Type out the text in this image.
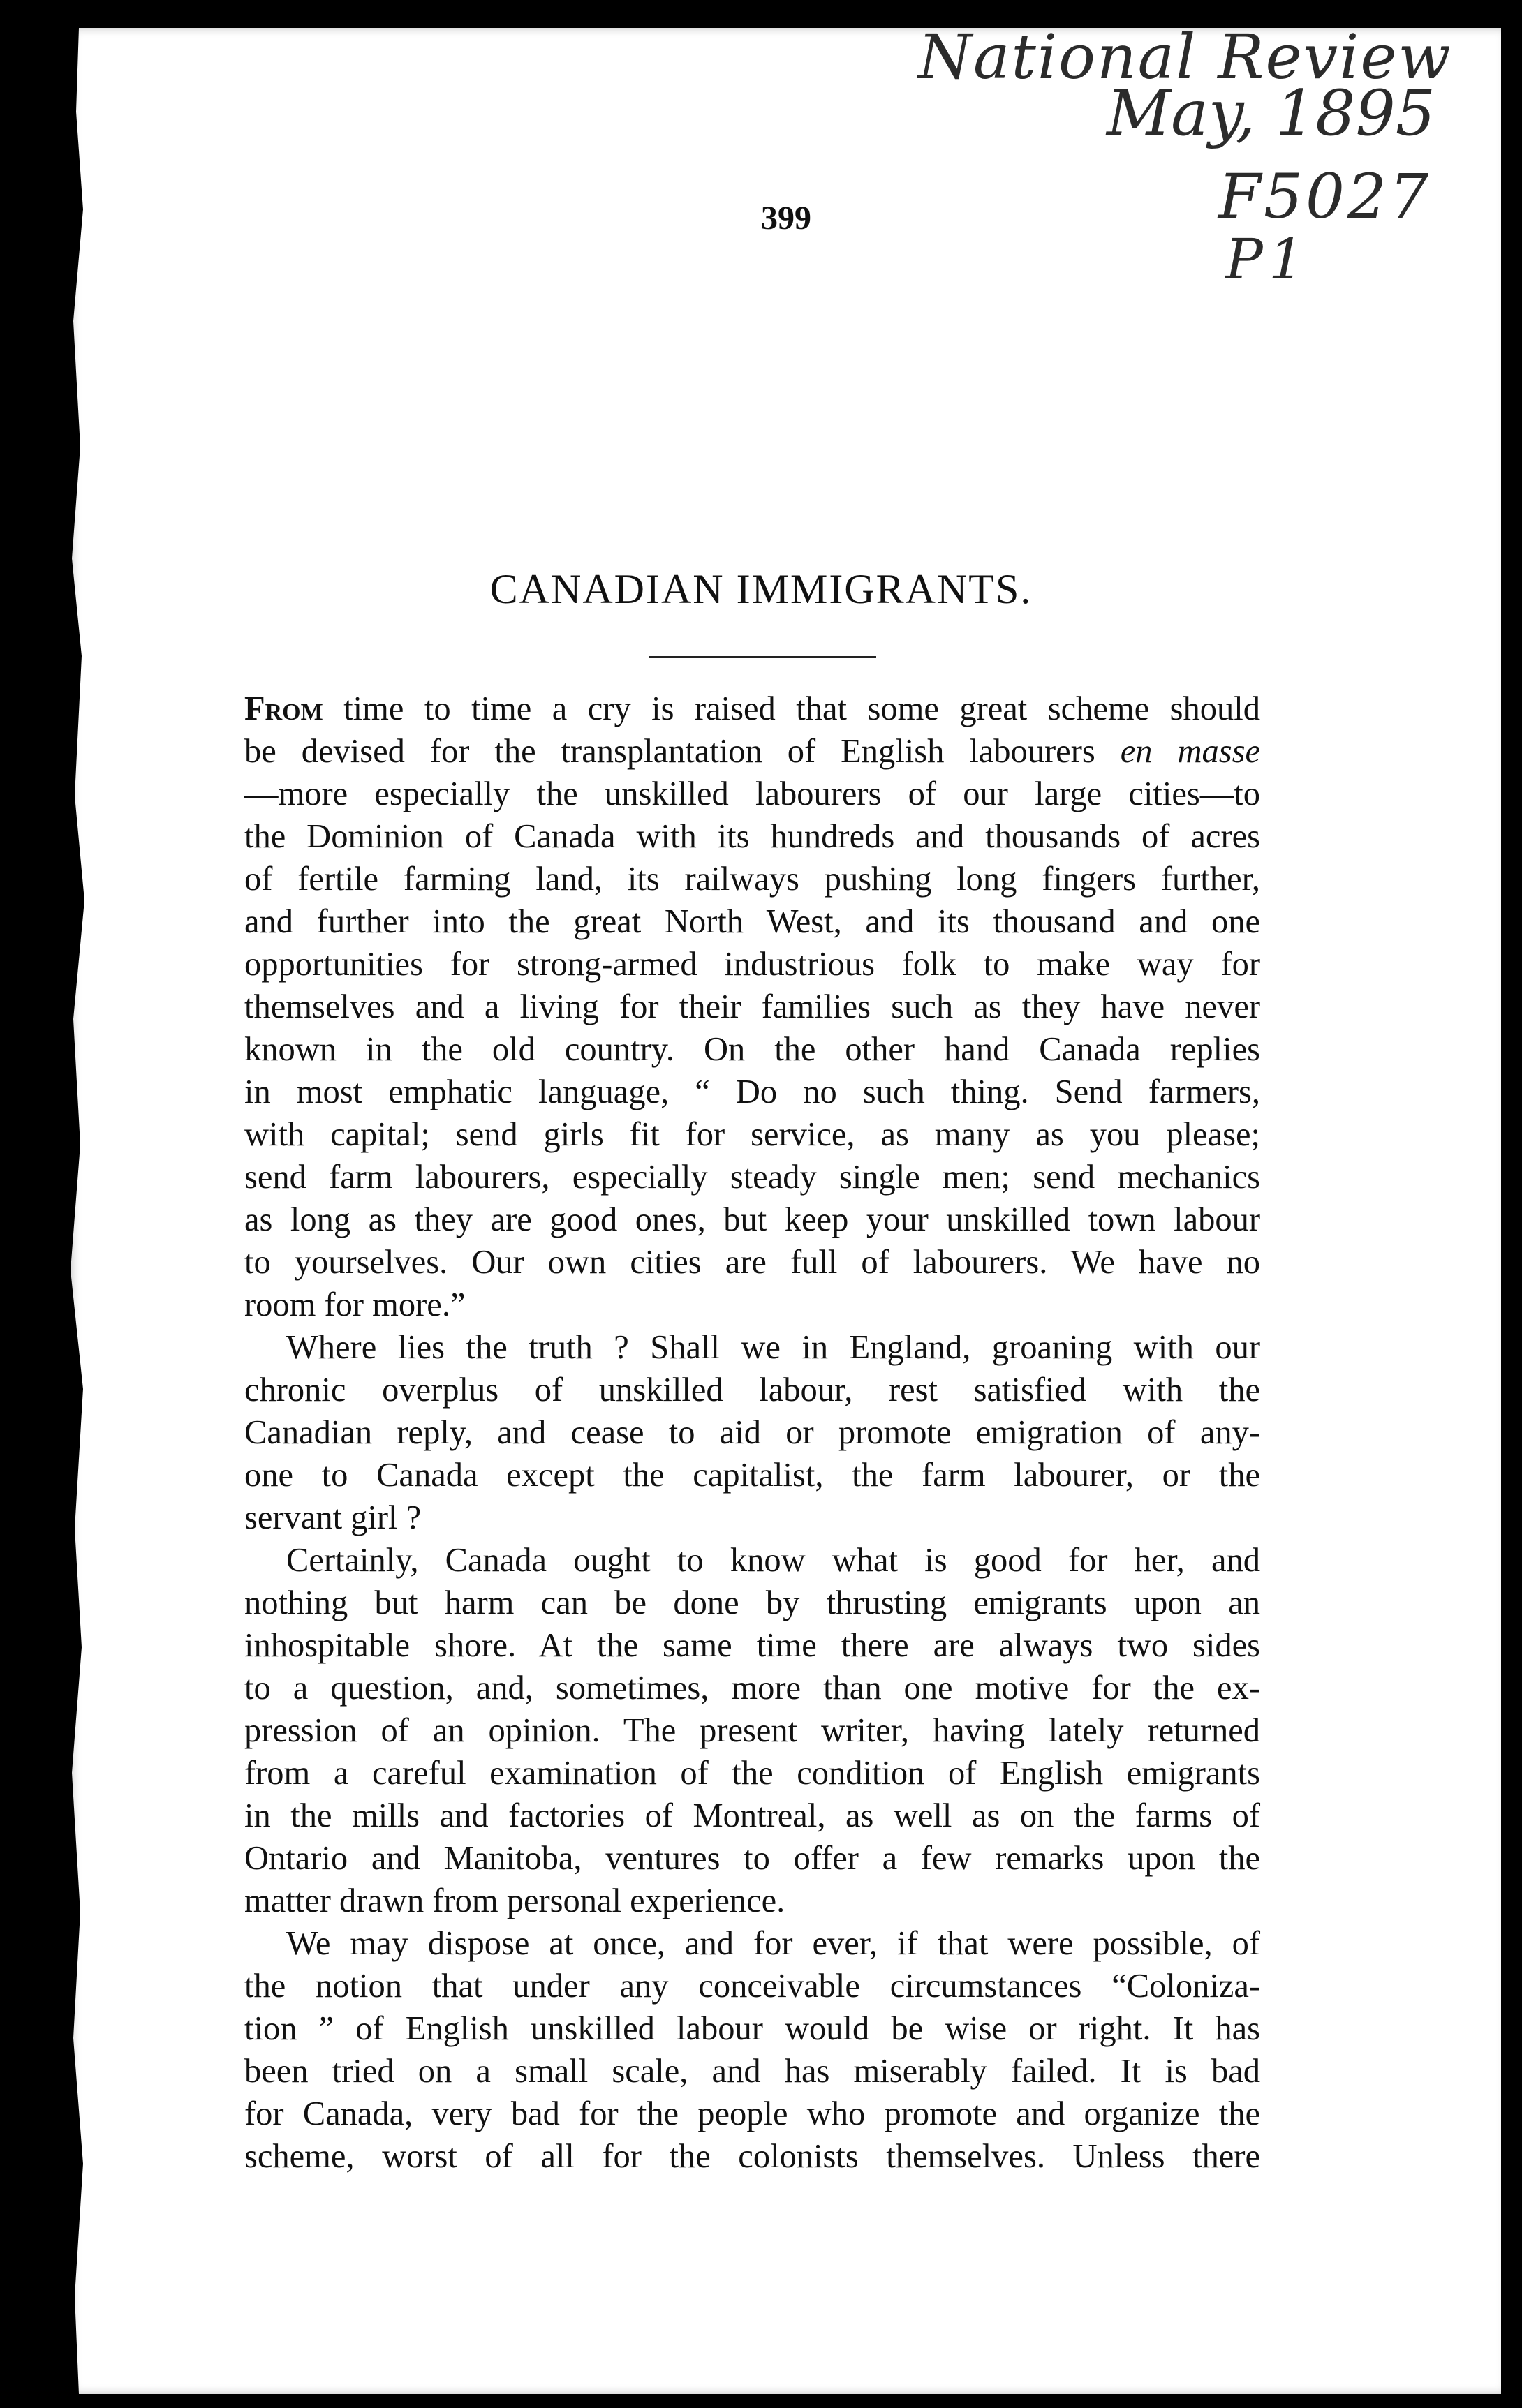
National Review
May, 1895
F5027
P1
399
CANADIAN IMMIGRANTS.
From time to time a cry is raised that some great scheme should
be devised for the transplantation of English labourers en masse
—more especially the unskilled labourers of our large cities—to
the Dominion of Canada with its hundreds and thousands of acres
of fertile farming land, its railways pushing long fingers further,
and further into the great North West, and its thousand and one
opportunities for strong-armed industrious folk to make way for
themselves and a living for their families such as they have never
known in the old country. On the other hand Canada replies
in most emphatic language, “ Do no such thing. Send farmers,
with capital; send girls fit for service, as many as you please;
send farm labourers, especially steady single men; send mechanics
as long as they are good ones, but keep your unskilled town labour
to yourselves. Our own cities are full of labourers. We have no
room for more.”
Where lies the truth ? Shall we in England, groaning with our
chronic overplus of unskilled labour, rest satisfied with the
Canadian reply, and cease to aid or promote emigration of any-
one to Canada except the capitalist, the farm labourer, or the
servant girl ?
Certainly, Canada ought to know what is good for her, and
nothing but harm can be done by thrusting emigrants upon an
inhospitable shore. At the same time there are always two sides
to a question, and, sometimes, more than one motive for the ex-
pression of an opinion. The present writer, having lately returned
from a careful examination of the condition of English emigrants
in the mills and factories of Montreal, as well as on the farms of
Ontario and Manitoba, ventures to offer a few remarks upon the
matter drawn from personal experience.
We may dispose at once, and for ever, if that were possible, of
the notion that under any conceivable circumstances “Coloniza-
tion ” of English unskilled labour would be wise or right. It has
been tried on a small scale, and has miserably failed. It is bad
for Canada, very bad for the people who promote and organize the
scheme, worst of all for the colonists themselves. Unless there
